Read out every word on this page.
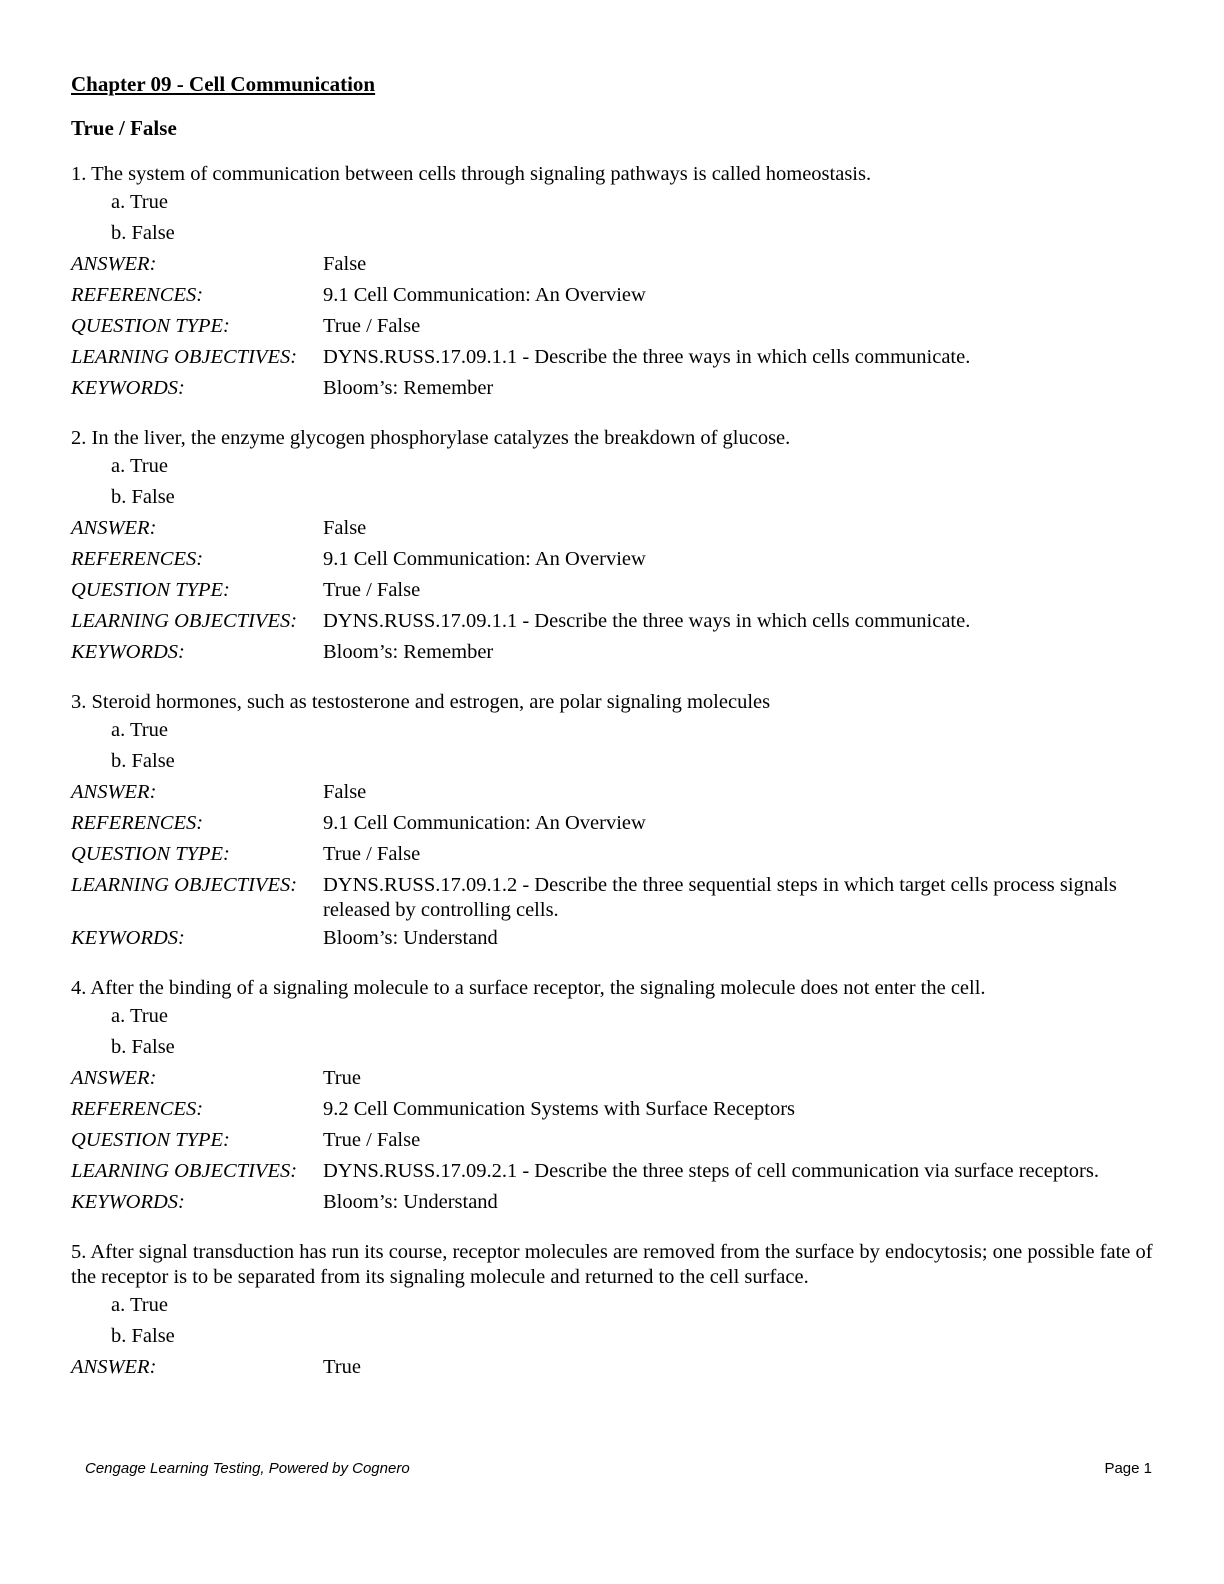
Chapter 09 - Cell Communication
True / False
1. The system of communication between cells through signaling pathways is called homeostasis.
a. True
b. False
ANSWER:	False
REFERENCES:	9.1 Cell Communication: An Overview
QUESTION TYPE:	True / False
LEARNING OBJECTIVES:	DYNS.RUSS.17.09.1.1 - Describe the three ways in which cells communicate.
KEYWORDS:	Bloom’s: Remember
2. In the liver, the enzyme glycogen phosphorylase catalyzes the breakdown of glucose.
a. True
b. False
ANSWER:	False
REFERENCES:	9.1 Cell Communication: An Overview
QUESTION TYPE:	True / False
LEARNING OBJECTIVES:	DYNS.RUSS.17.09.1.1 - Describe the three ways in which cells communicate.
KEYWORDS:	Bloom’s: Remember
3. Steroid hormones, such as testosterone and estrogen, are polar signaling molecules
a. True
b. False
ANSWER:	False
REFERENCES:	9.1 Cell Communication: An Overview
QUESTION TYPE:	True / False
LEARNING OBJECTIVES:	DYNS.RUSS.17.09.1.2 - Describe the three sequential steps in which target cells process signals released by controlling cells.
KEYWORDS:	Bloom’s: Understand
4. After the binding of a signaling molecule to a surface receptor, the signaling molecule does not enter the cell.
a. True
b. False
ANSWER:	True
REFERENCES:	9.2 Cell Communication Systems with Surface Receptors
QUESTION TYPE:	True / False
LEARNING OBJECTIVES:	DYNS.RUSS.17.09.2.1 - Describe the three steps of cell communication via surface receptors.
KEYWORDS:	Bloom’s: Understand
5. After signal transduction has run its course, receptor molecules are removed from the surface by endocytosis; one possible fate of the receptor is to be separated from its signaling molecule and returned to the cell surface.
a. True
b. False
ANSWER:	True
Cengage Learning Testing, Powered by Cognero	Page 1
